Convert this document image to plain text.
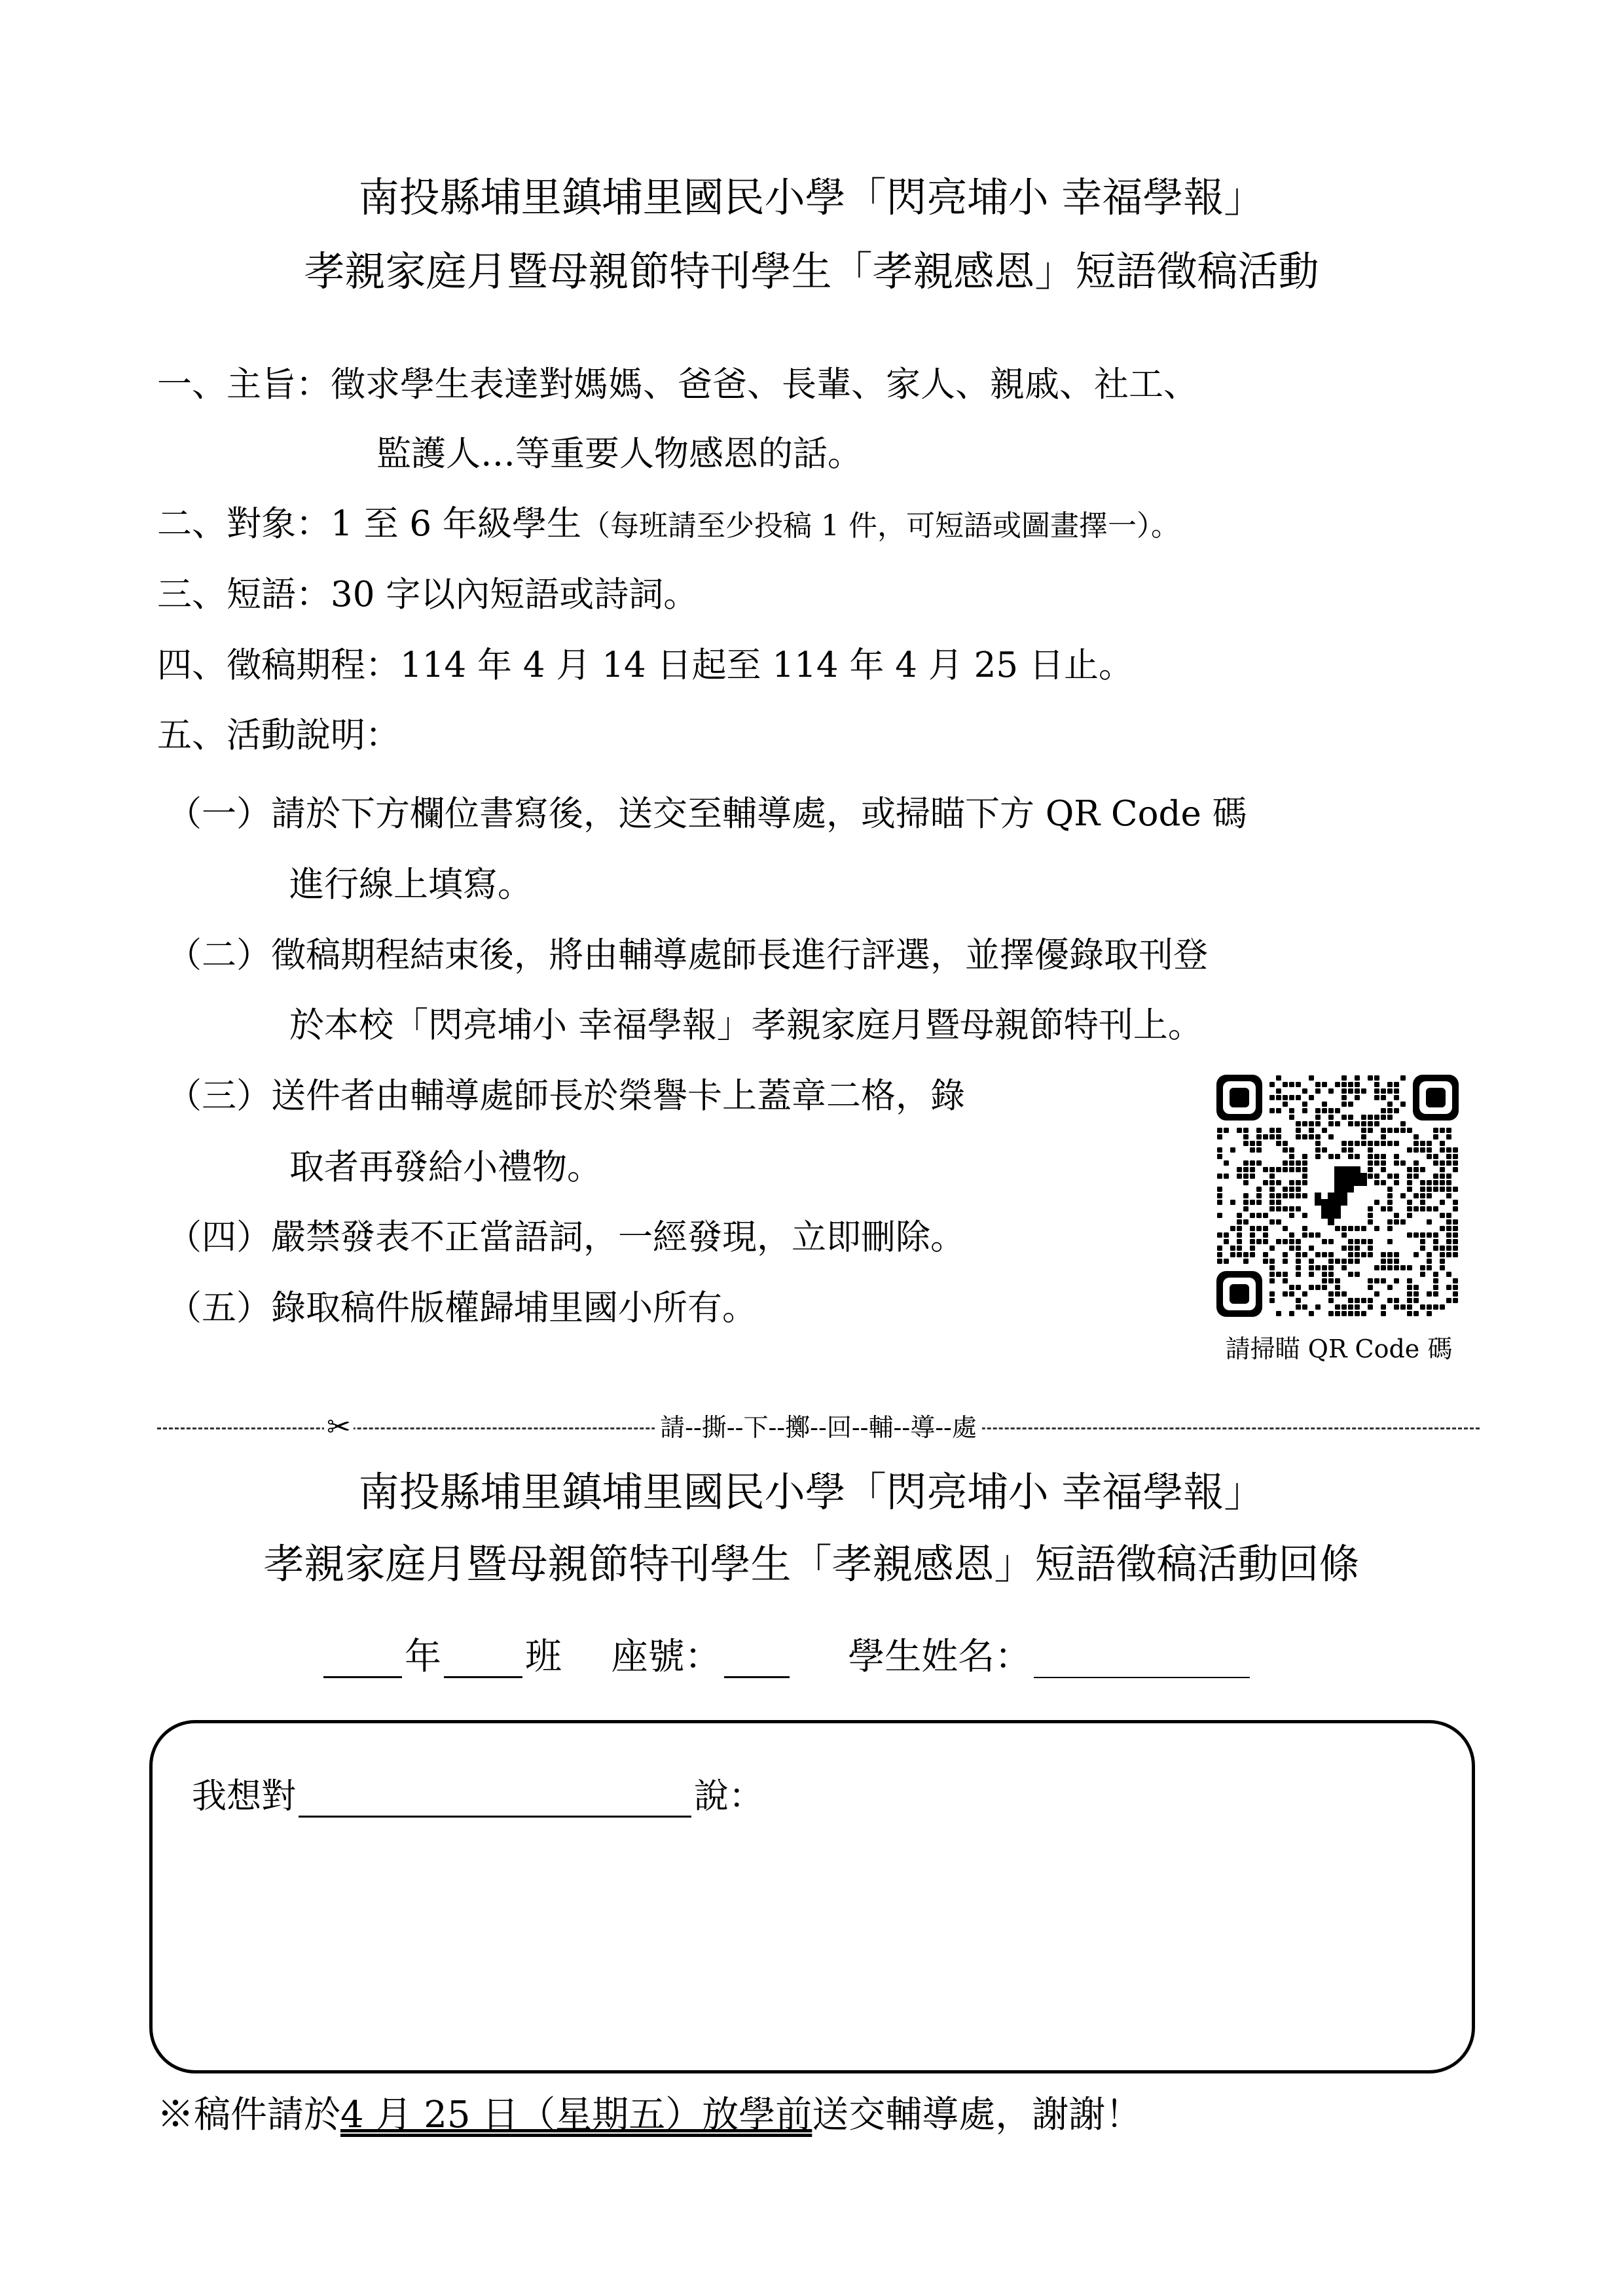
南投縣埔里鎮埔里國民小學「閃亮埔小 幸福學報」
孝親家庭月暨母親節特刊學生「孝親感恩」短語徵稿活動
一、主旨：徵求學生表達對媽媽、爸爸、長輩、家人、親戚、社工、
監護人…等重要人物感恩的話。
二、對象：1 至 6 年級學生（每班請至少投稿 1 件，可短語或圖畫擇一）。
三、短語：30 字以內短語或詩詞。
四、徵稿期程：114 年 4 月 14 日起至 114 年 4 月 25 日止。
五、活動說明：
（一）請於下方欄位書寫後，送交至輔導處，或掃瞄下方 QR Code 碼
進行線上填寫。
（二）徵稿期程結束後，將由輔導處師長進行評選，並擇優錄取刊登
於本校「閃亮埔小 幸福學報」孝親家庭月暨母親節特刊上。
（三）送件者由輔導處師長於榮譽卡上蓋章二格，錄
取者再發給小禮物。
（四）嚴禁發表不正當語詞，一經發現，立即刪除。
（五）錄取稿件版權歸埔里國小所有。
請掃瞄 QR Code 碼
✂	請--撕--下--擲--回--輔--導--處
南投縣埔里鎮埔里國民小學「閃亮埔小 幸福學報」
孝親家庭月暨母親節特刊學生「孝親感恩」短語徵稿活動回條
年 班 座號：	學生姓名：
我想對	說：
※稿件請於4 月 25 日（星期五）放學前送交輔導處，謝謝！
